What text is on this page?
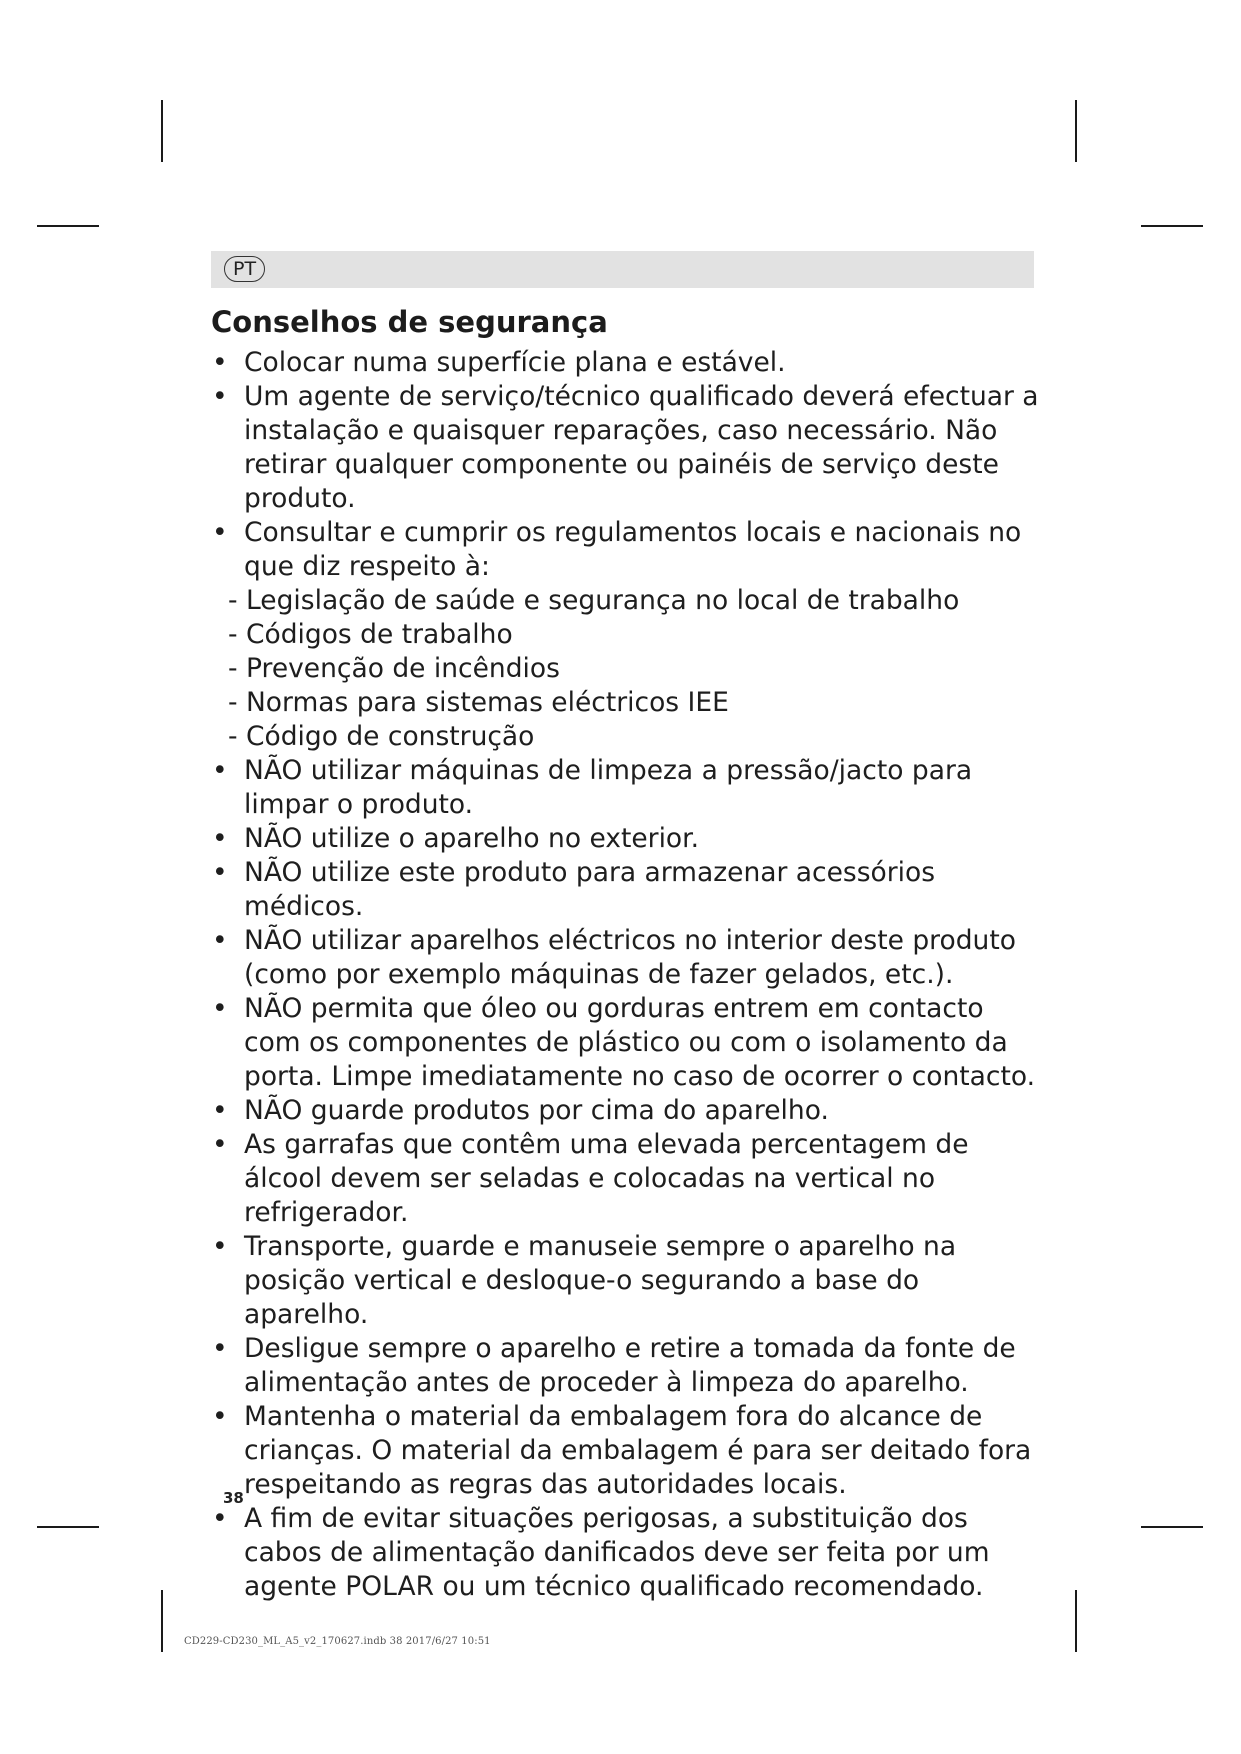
PT
Conselhos de segurança
• Colocar numa superfície plana e estável.
• Um agente de serviço/técnico qualificado deverá efectuar a instalação e quaisquer reparações, caso necessário. Não retirar qualquer componente ou painéis de serviço deste produto.
• Consultar e cumprir os regulamentos locais e nacionais no que diz respeito à:
- Legislação de saúde e segurança no local de trabalho
- Códigos de trabalho
- Prevenção de incêndios
- Normas para sistemas eléctricos IEE
- Código de construção
• NÃO utilizar máquinas de limpeza a pressão/jacto para limpar o produto.
• NÃO utilize o aparelho no exterior.
• NÃO utilize este produto para armazenar acessórios médicos.
• NÃO utilizar aparelhos eléctricos no interior deste produto (como por exemplo máquinas de fazer gelados, etc.).
• NÃO permita que óleo ou gorduras entrem em contacto com os componentes de plástico ou com o isolamento da porta. Limpe imediatamente no caso de ocorrer o contacto.
• NÃO guarde produtos por cima do aparelho.
• As garrafas que contêm uma elevada percentagem de álcool devem ser seladas e colocadas na vertical no refrigerador.
• Transporte, guarde e manuseie sempre o aparelho na posição vertical e desloque-o segurando a base do aparelho.
• Desligue sempre o aparelho e retire a tomada da fonte de alimentação antes de proceder à limpeza do aparelho.
• Mantenha o material da embalagem fora do alcance de crianças. O material da embalagem é para ser deitado fora respeitando as regras das autoridades locais.
• A fim de evitar situações perigosas, a substituição dos cabos de alimentação danificados deve ser feita por um agente POLAR ou um técnico qualificado recomendado.
38
CD229-CD230_ML_A5_v2_170627.indb 38 2017/6/27 10:51
